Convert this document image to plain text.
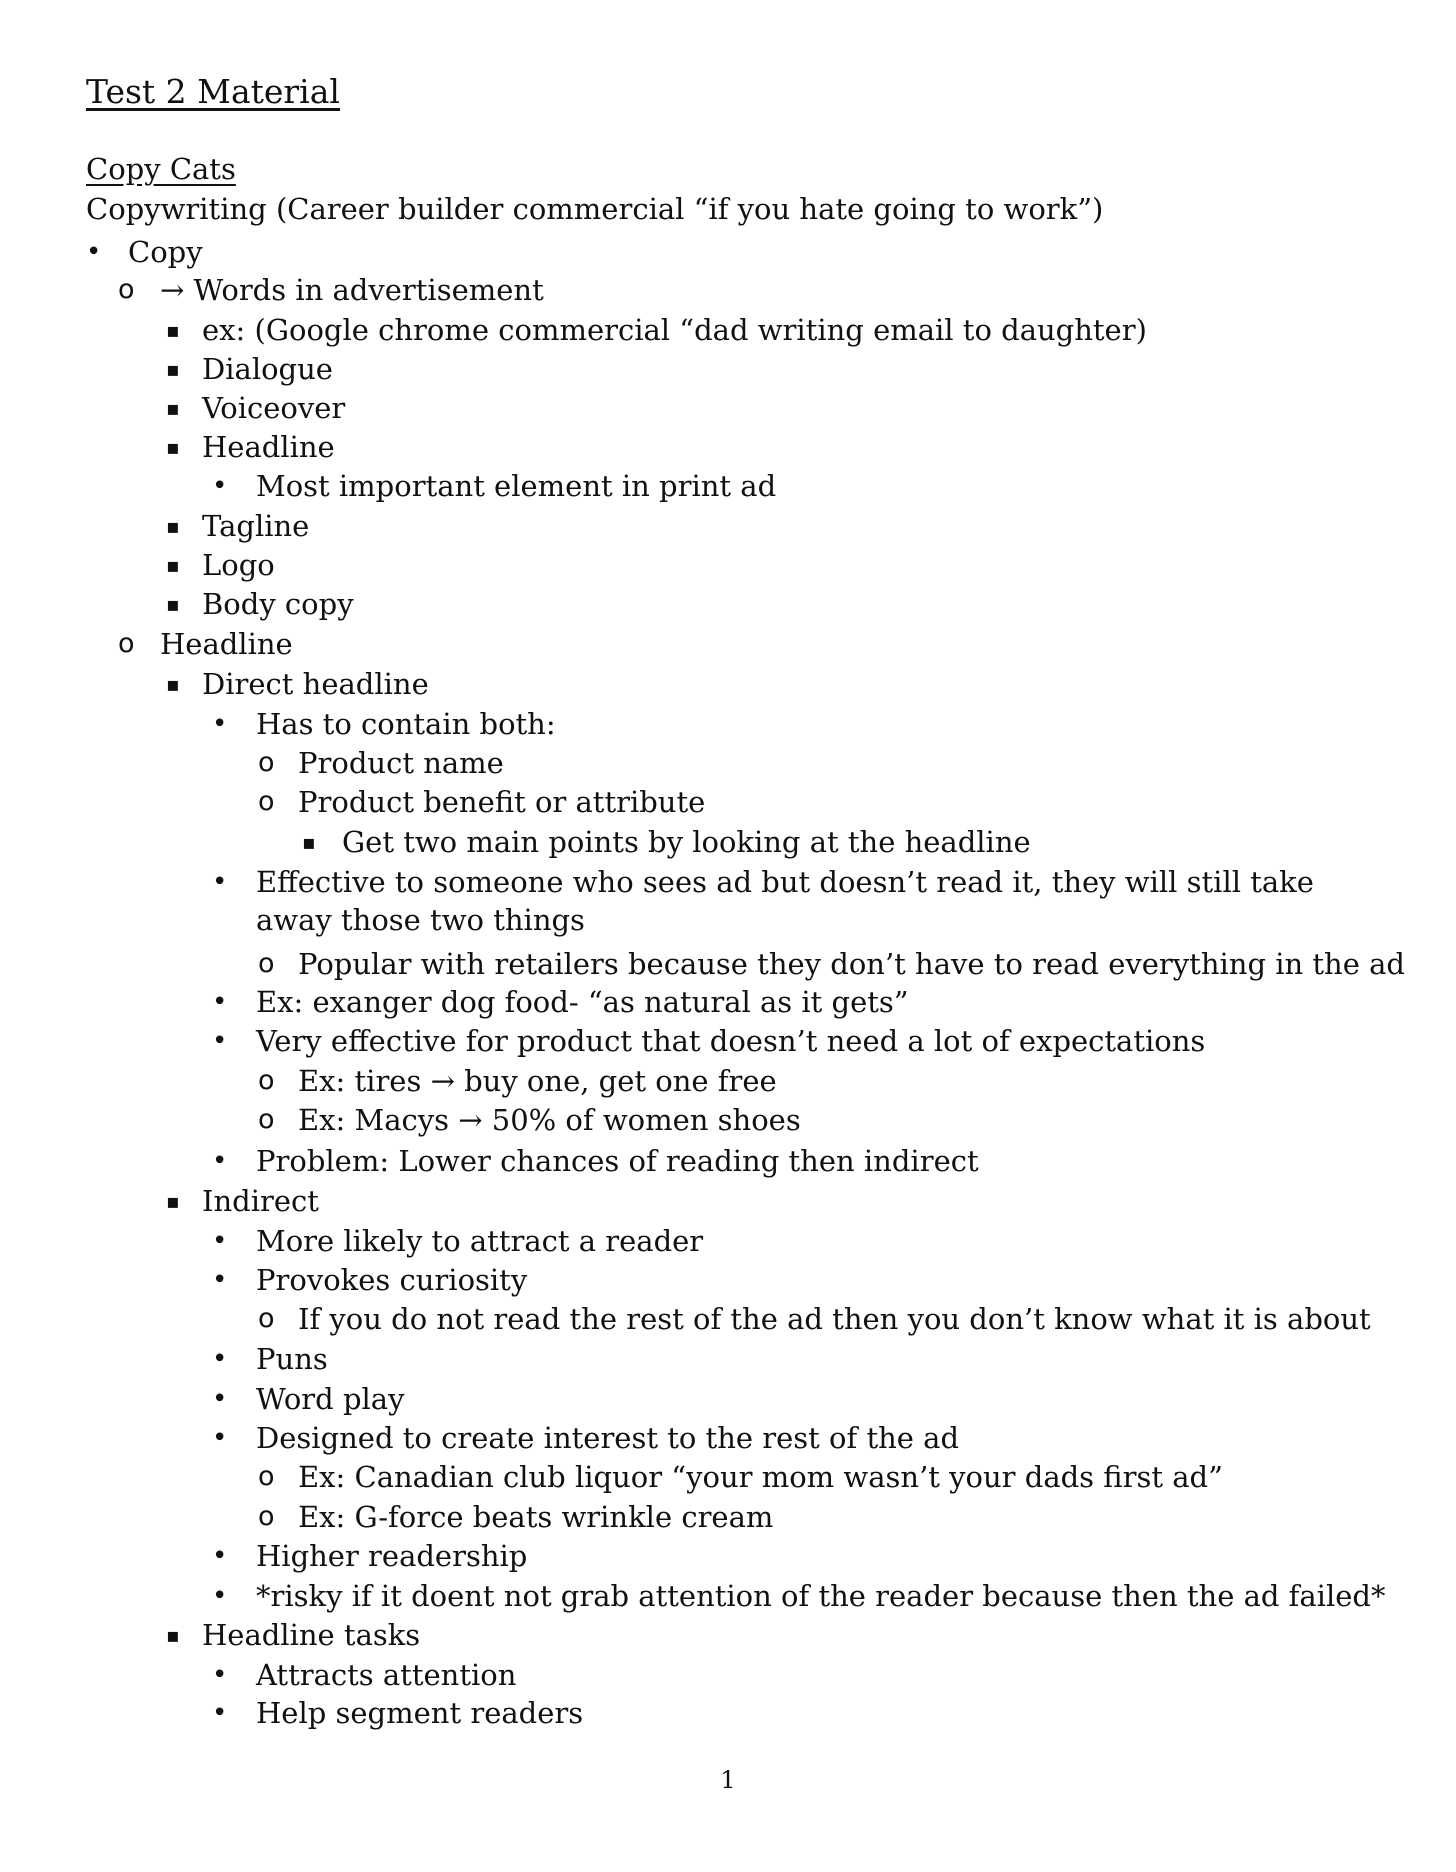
Test 2 Material
Copy Cats
Copywriting (Career builder commercial “if you hate going to work”)
• Copy
o → Words in advertisement
▪ ex: (Google chrome commercial “dad writing email to daughter)
▪ Dialogue
▪ Voiceover
▪ Headline
• Most important element in print ad
▪ Tagline
▪ Logo
▪ Body copy
o Headline
▪ Direct headline
• Has to contain both:
o Product name
o Product benefit or attribute
▪ Get two main points by looking at the headline
• Effective to someone who sees ad but doesn’t read it, they will still take away those two things
o Popular with retailers because they don’t have to read everything in the ad
• Ex: exanger dog food- “as natural as it gets”
• Very effective for product that doesn’t need a lot of expectations
o Ex: tires → buy one, get one free
o Ex: Macys → 50% of women shoes
• Problem: Lower chances of reading then indirect
▪ Indirect
• More likely to attract a reader
• Provokes curiosity
o If you do not read the rest of the ad then you don’t know what it is about
• Puns
• Word play
• Designed to create interest to the rest of the ad
o Ex: Canadian club liquor “your mom wasn’t your dads first ad”
o Ex: G-force beats wrinkle cream
• Higher readership
• *risky if it doent not grab attention of the reader because then the ad failed*
▪ Headline tasks
• Attracts attention
• Help segment readers
1
